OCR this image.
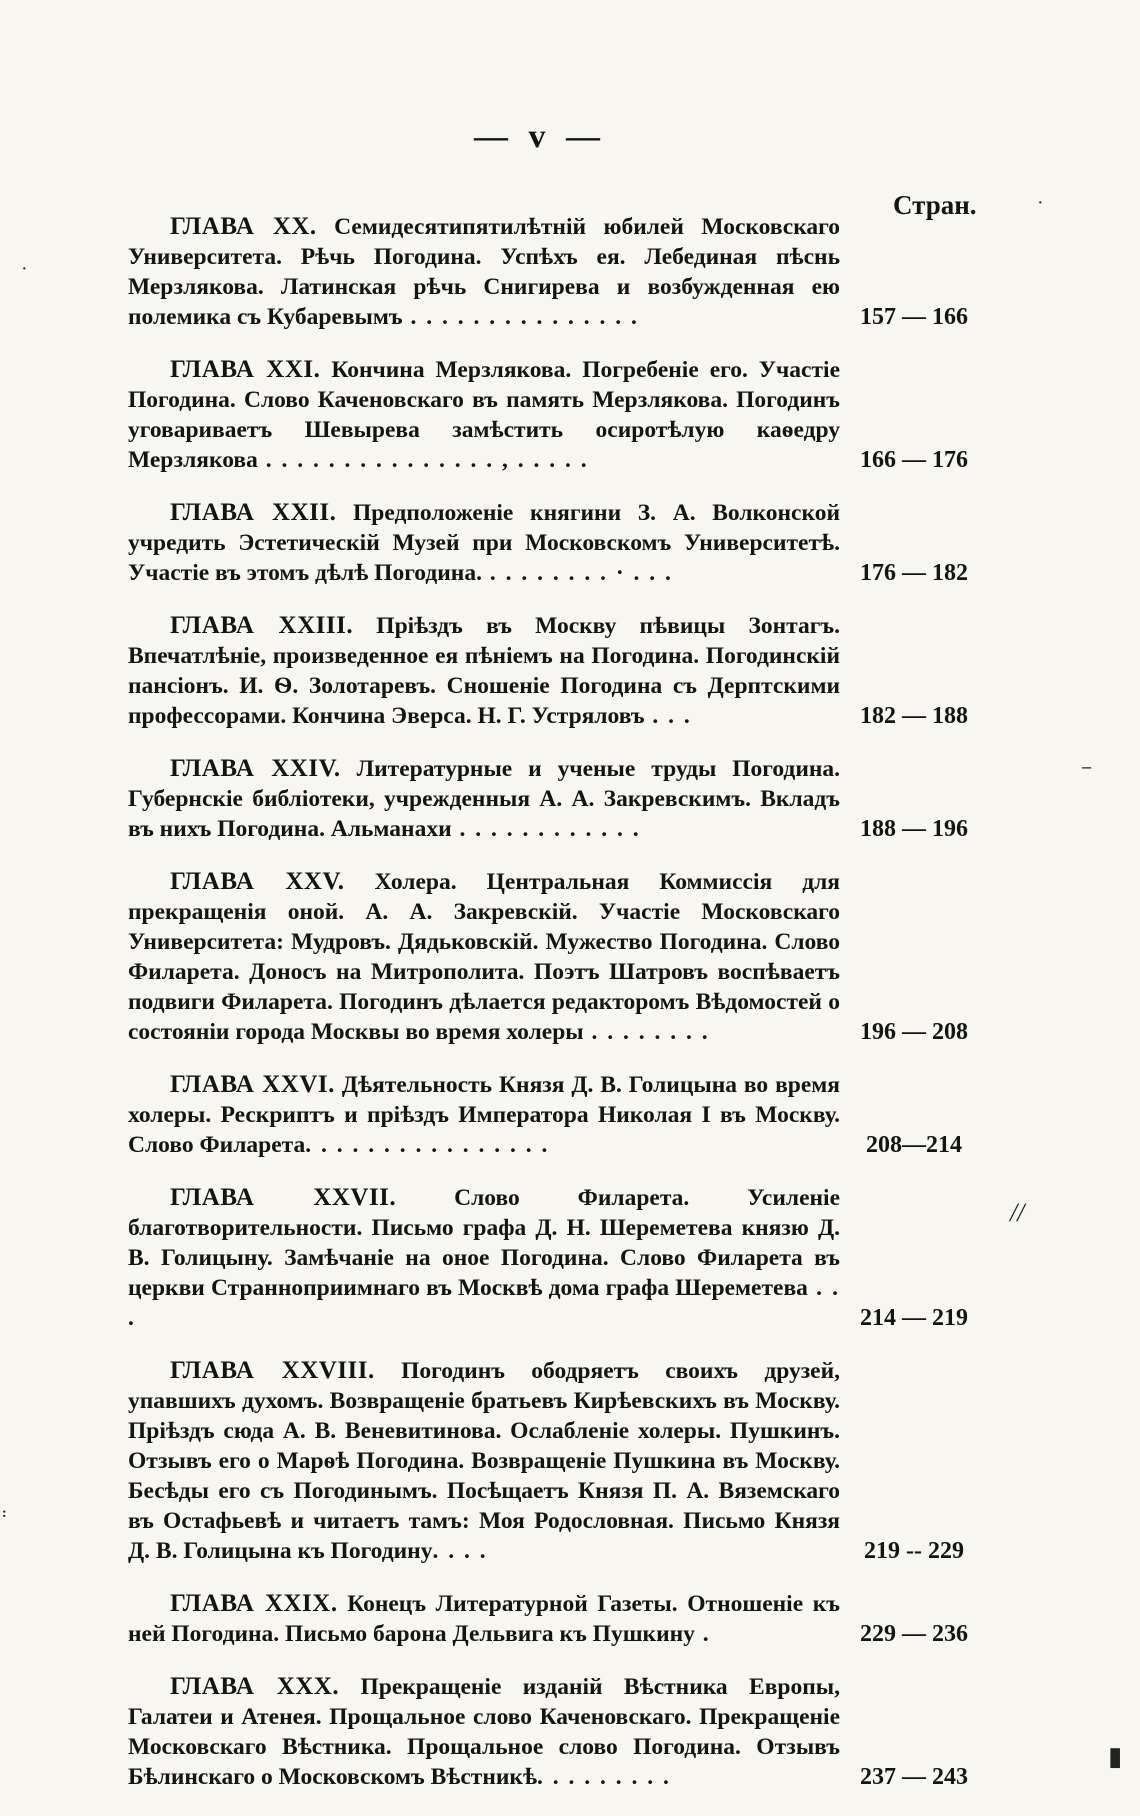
— v —
Стран.
ГЛАВА XX. Семидесятипятилѣтній юбилей Московскаго Университета. Рѣчь Погодина. Успѣхъ ея. Лебединая пѣснь Мерзлякова. Латинская рѣчь Снигирева и возбужденная ею полемика съ Кубаревымъ . . . . . . . . . . . . . . .	157 — 166
ГЛАВА XXI. Кончина Мерзлякова. Погребеніе его. Участіе Погодина. Слово Каченовскаго въ память Мерзлякова. Погодинъ уговариваетъ Шевырева замѣстить осиротѣлую каѳедру Мерзлякова . . . . . . . . . . . . . . . , . . . . .	166 — 176
ГЛАВА XXII. Предположеніе княгини З. А. Волконской учредить Эстетическій Музей при Московскомъ Университетѣ. Участіе въ этомъ дѣлѣ Погодина. . . . . . . . . · . . .	176 — 182
ГЛАВА XXIII. Пріѣздъ въ Москву пѣвицы Зонтагъ. Впечатлѣніе, произведенное ея пѣніемъ на Погодина. Погодинскій пансіонъ. И. Ѳ. Золотаревъ. Сношеніе Погодина съ Дерптскими профессорами. Кончина Эверса. Н. Г. Устряловъ . . .	182 — 188
ГЛАВА XXIV. Литературные и ученые труды Погодина. Губернскіе библіотеки, учрежденныя А. А. Закревскимъ. Вкладъ въ нихъ Погодина. Альманахи . . . . . . . . . . . .	188 — 196
ГЛАВА XXV. Холера. Центральная Коммиссія для прекращенія оной. А. А. Закревскій. Участіе Московскаго Университета: Мудровъ. Дядьковскій. Мужество Погодина. Слово Филарета. Доносъ на Митрополита. Поэтъ Шатровъ воспѣваетъ подвиги Филарета. Погодинъ дѣлается редакторомъ Вѣдомостей о состояніи города Москвы во время холеры . . . . . . . .	196 — 208
ГЛАВА XXVI. Дѣятельность Князя Д. В. Голицына во время холеры. Рескриптъ и пріѣздъ Императора Николая I въ Москву. Слово Филарета. . . . . . . . . . . . . . . .	208—214
ГЛАВА XXVII. Слово Филарета. Усиленіе благотворительности. Письмо графа Д. Н. Шереметева князю Д. В. Голицыну. Замѣчаніе на оное Погодина. Слово Филарета въ церкви Странноприимнаго въ Москвѣ дома графа Шереметева . . .	214 — 219
ГЛАВА XXVIII. Погодинъ ободряетъ своихъ друзей, упавшихъ духомъ. Возвращеніе братьевъ Кирѣевскихъ въ Москву. Пріѣздъ сюда А. В. Веневитинова. Ослабленіе холеры. Пушкинъ. Отзывъ его о Марѳѣ Погодина. Возвращеніе Пушкина въ Москву. Бесѣды его съ Погодинымъ. Посѣщаетъ Князя П. А. Вяземскаго въ Остафьевѣ и читаетъ тамъ: Моя Родословная. Письмо Князя Д. В. Голицына къ Погодину. . . .	219 -- 229
ГЛАВА XXIX. Конецъ Литературной Газеты. Отношеніе къ ней Погодина. Письмо барона Дельвига къ Пушкину .	229 — 236
ГЛАВА XXX. Прекращеніе изданій Вѣстника Европы, Галатеи и Атенея. Прощальное слово Каченовскаго. Прекращеніе Московскаго Вѣстника. Прощальное слово Погодина. Отзывъ Бѣлинскаго о Московскомъ Вѣстникѣ. . . . . . . . .	237 — 243
·
·
–
//
:
▮
